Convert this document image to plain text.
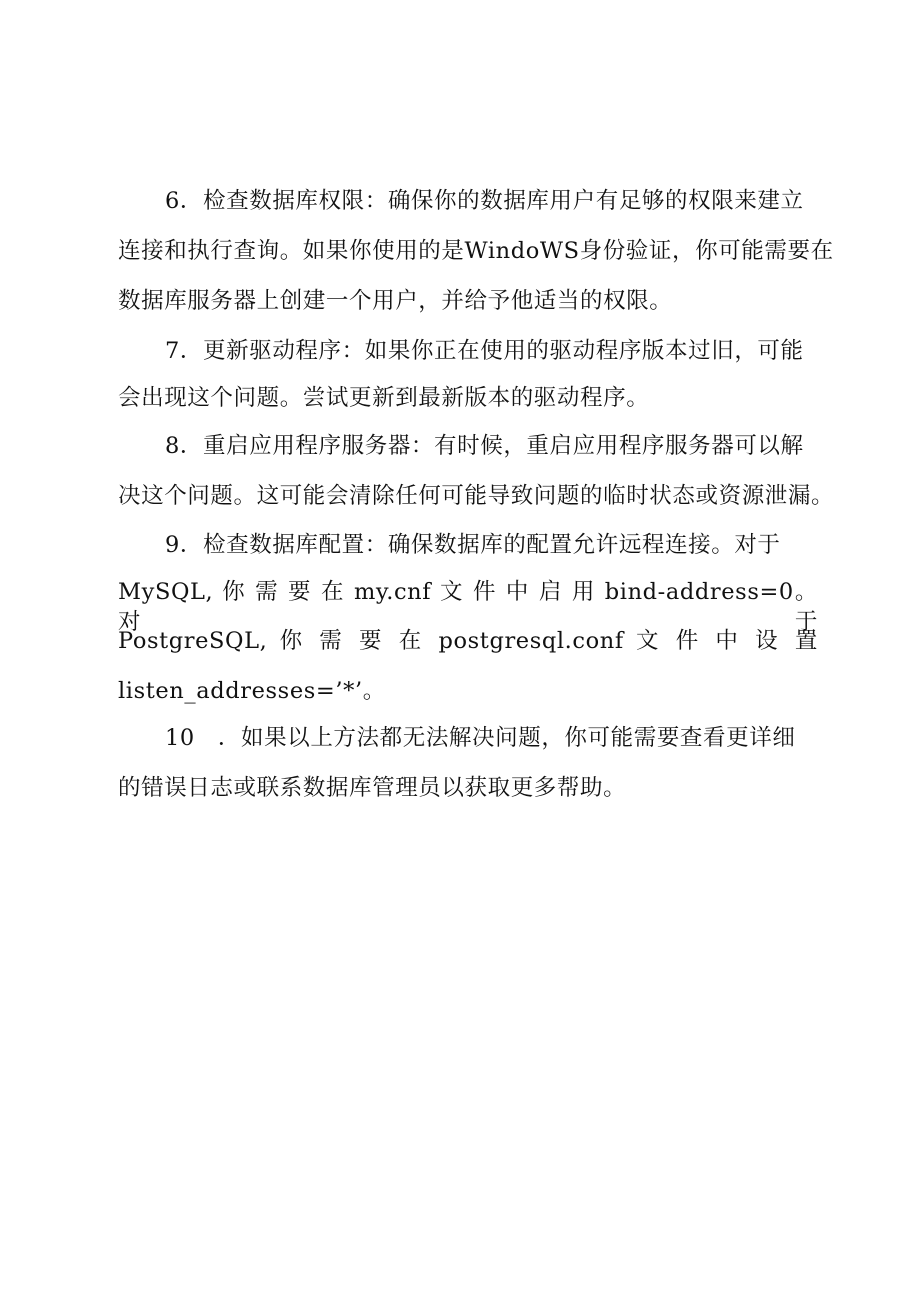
6．检查数据库权限：确保你的数据库用户有足够的权限来建立
连接和执行查询。如果你使用的是WindoWS身份验证，你可能需要在
数据库服务器上创建一个用户，并给予他适当的权限。
7．更新驱动程序：如果你正在使用的驱动程序版本过旧，可能
会出现这个问题。尝试更新到最新版本的驱动程序。
8．重启应用程序服务器：有时候，重启应用程序服务器可以解
决这个问题。这可能会清除任何可能导致问题的临时状态或资源泄漏。
9．检查数据库配置：确保数据库的配置允许远程连接。对于
MySQL, 你 需 要 在 my.cnf 文 件 中 启 用 bind-address=0。对 于
PostgreSQL, 你 需 要 在 postgresql.conf 文 件 中 设 置
listen_addresses=’*’。
10　．如果以上方法都无法解决问题，你可能需要查看更详细
的错误日志或联系数据库管理员以获取更多帮助。
